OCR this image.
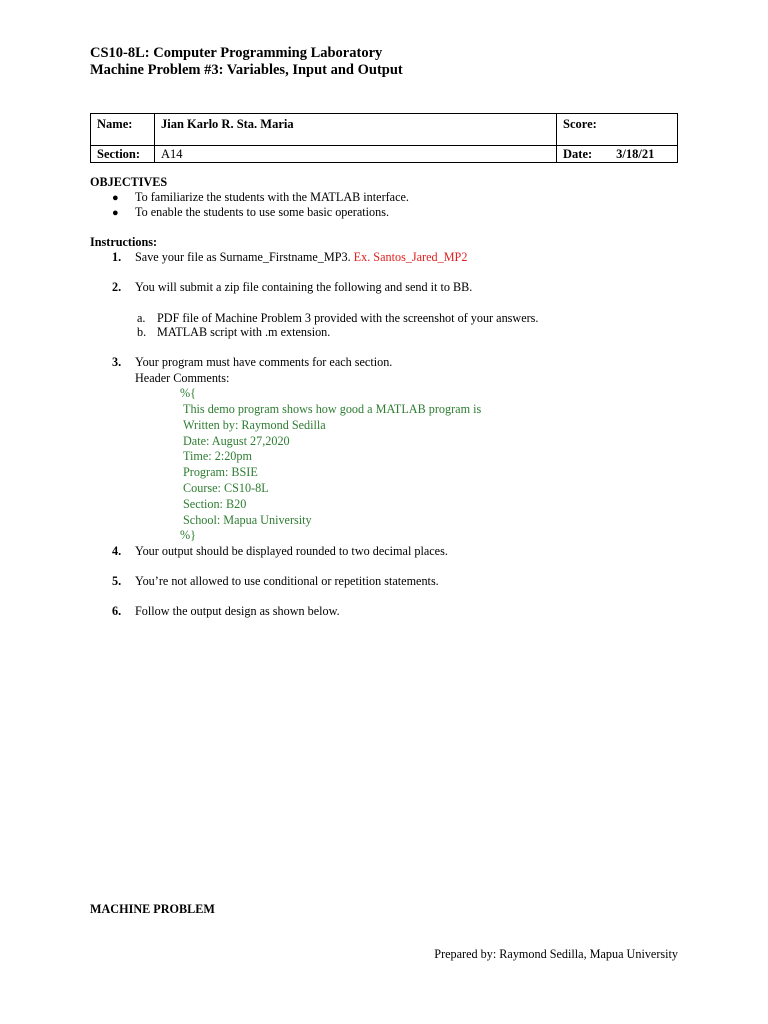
CS10-8L: Computer Programming Laboratory
Machine Problem #3: Variables, Input and Output
Name:	Jian Karlo R. Sta. Maria	Score:
Section:	A14	Date: 3/18/21
OBJECTIVES
● To familiarize the students with the MATLAB interface.
● To enable the students to use some basic operations.
Instructions:
1. Save your file as Surname_Firstname_MP3. Ex. Santos_Jared_MP2
2. You will submit a zip file containing the following and send it to BB.
a. PDF file of Machine Problem 3 provided with the screenshot of your answers.
b. MATLAB script with .m extension.
3. Your program must have comments for each section.
Header Comments:
%{
This demo program shows how good a MATLAB program is
Written by: Raymond Sedilla
Date: August 27,2020
Time: 2:20pm
Program: BSIE
Course: CS10-8L
Section: B20
School: Mapua University
%}
4. Your output should be displayed rounded to two decimal places.
5. You’re not allowed to use conditional or repetition statements.
6. Follow the output design as shown below.
MACHINE PROBLEM
Prepared by: Raymond Sedilla, Mapua University
